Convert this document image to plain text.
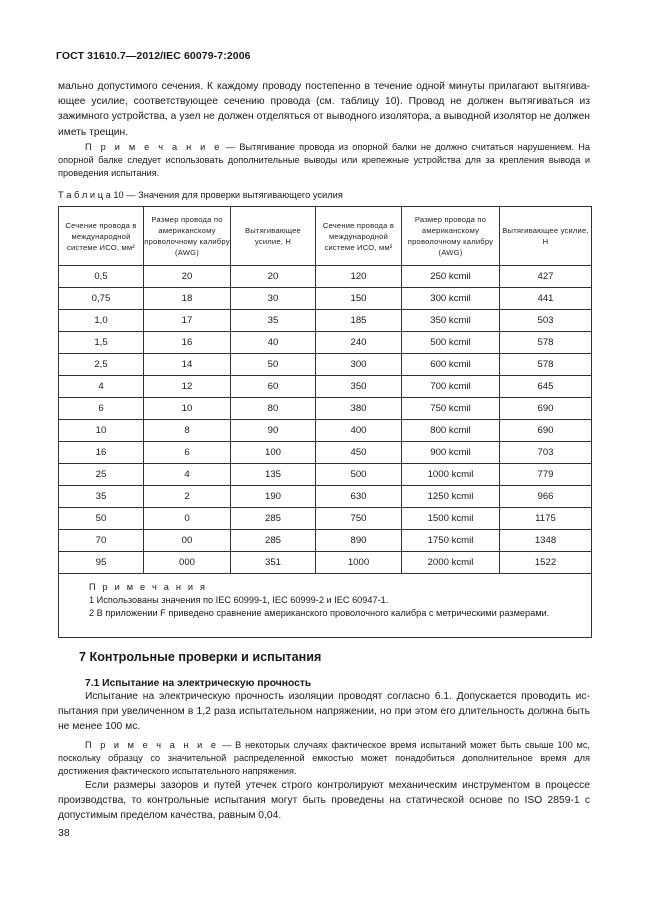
ГОСТ 31610.7—2012/IEC 60079-7:2006
мально допустимого сечения. К каждому проводу постепенно в течение одной минуты прилагают вытягивающее усилие, соответствующее сечению провода (см. таблицу 10). Провод не должен вытягиваться из зажимного устройства, а узел не должен отделяться от выводного изолятора, а выводной изолятор не должен иметь трещин.
П р и м е ч а н и е — Вытягивание провода из опорной балки не должно считаться нарушением. На опорной балке следует использовать дополнительные выводы или крепежные устройства для за крепления вывода и проведения испытания.
Т а б л и ц а 10 — Значения для проверки вытягивающего усилия
Сечение провода в международной системе ИСО, мм²	Размер провода по американскому проволочному калибру (AWG)	Вытягивающее усилие, H	Сечение провода в международной системе ИСО, мм²	Размер провода по американскому проволочному калибру (AWG)	Вытягивающее усилие, H
0,5	20	20	120	250 kcmil	427
0,75	18	30	150	300 kcmil	441
1,0	17	35	185	350 kcmil	503
1,5	16	40	240	500 kcmil	578
2,5	14	50	300	600 kcmil	578
4	12	60	350	700 kcmil	645
6	10	80	380	750 kcmil	690
10	8	90	400	800 kcmil	690
16	6	100	450	900 kcmil	703
25	4	135	500	1000 kcmil	779
35	2	190	630	1250 kcmil	966
50	0	285	750	1500 kcmil	1175
70	00	285	890	1750 kcmil	1348
95	000	351	1000	2000 kcmil	1522

П р и м е ч а н и я
1 Использованы значения по IEC 60999-1, IEC 60999-2 и IEC 60947-1.
2 В приложении F приведено сравнение американского проволочного калибра с метрическими размерами.					
7 Контрольные проверки и испытания
7.1 Испытание на электрическую прочность
Испытание на электрическую прочность изоляции проводят согласно 6.1. Допускается проводить испытания при увеличенном в 1,2 раза испытательном напряжении, но при этом его длительность должна быть не менее 100 мс.
П р и м е ч а н и е — В некоторых случаях фактическое время испытаний может быть свыше 100 мс, поскольку образцу со значительной распределенной емкостью может понадобиться дополнительное время для достижения фактического испытательного напряжения.
Если размеры зазоров и путей утечек строго контролируют механическим инструментом в процессе производства, то контрольные испытания могут быть проведены на статической основе по ISO 2859-1 с допустимым пределом качества, равным 0,04.
38
